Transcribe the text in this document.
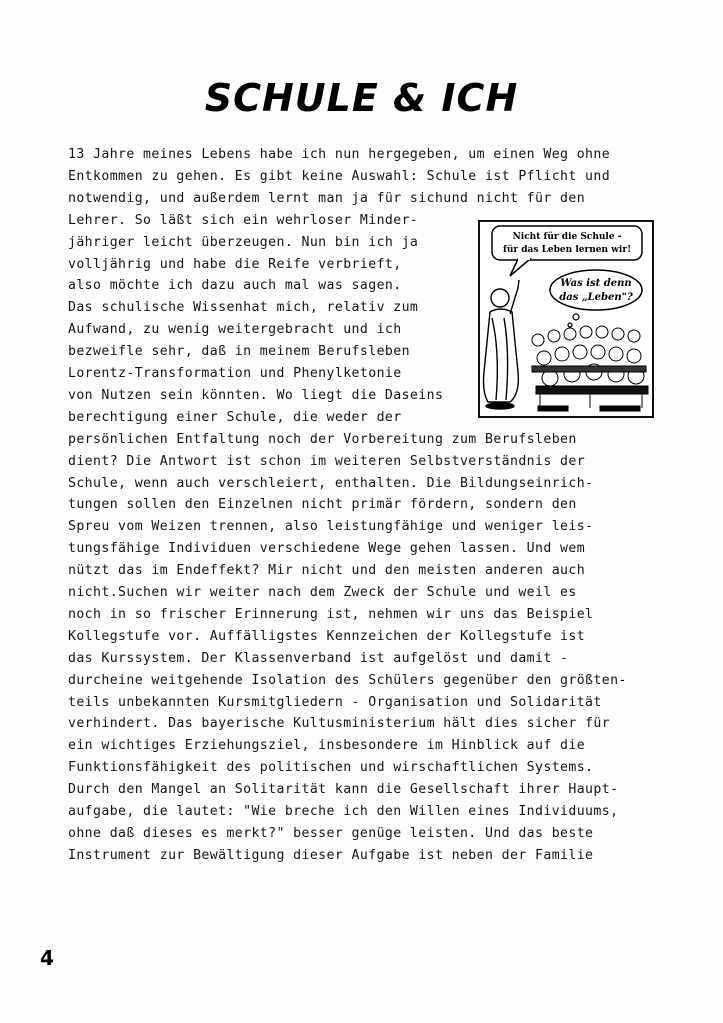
SCHULE & ICH
13 Jahre meines Lebens habe ich nun hergegeben, um einen Weg ohne
Entkommen zu gehen. Es gibt keine Auswahl: Schule ist Pflicht und
notwendig, und außerdem lernt man ja für sichund nicht für den
Lehrer. So läßt sich ein wehrloser Minder-
jähriger leicht überzeugen. Nun bin ich ja
volljährig und habe die Reife verbrieft,
also möchte ich dazu auch mal was sagen.
Das schulische Wissenhat mich, relativ zum
Aufwand, zu wenig weitergebracht und ich
bezweifle sehr, daß in meinem Berufsleben
Lorentz-Transformation und Phenylketonie
von Nutzen sein könnten. Wo liegt die Daseins
berechtigung einer Schule, die weder der
persönlichen Entfaltung noch der Vorbereitung zum Berufsleben
dient? Die Antwort ist schon im weiteren Selbstverständnis der
Schule, wenn auch verschleiert, enthalten. Die Bildungseinrich-
tungen sollen den Einzelnen nicht primär fördern, sondern den
Spreu vom Weizen trennen, also leistungfähige und weniger leis-
tungsfähige Individuen verschiedene Wege gehen lassen. Und wem
nützt das im Endeffekt? Mir nicht und den meisten anderen auch
nicht.Suchen wir weiter nach dem Zweck der Schule und weil es
noch in so frischer Erinnerung ist, nehmen wir uns das Beispiel
Kollegstufe vor. Auffälligstes Kennzeichen der Kollegstufe ist
das Kurssystem. Der Klassenverband ist aufgelöst und damit -
durcheine weitgehende Isolation des Schülers gegenüber den größten-
teils unbekannten Kursmitgliedern - Organisation und Solidarität
verhindert. Das bayerische Kultusministerium hält dies sicher für
ein wichtiges Erziehungsziel, insbesondere im Hinblick auf die
Funktionsfähigkeit des politischen und wirschaftlichen Systems.
Durch den Mangel an Solitarität kann die Gesellschaft ihrer Haupt-
aufgabe, die lautet: "Wie breche ich den Willen eines Individuums,
ohne daß dieses es merkt?" besser genüge leisten. Und das beste
Instrument zur Bewältigung dieser Aufgabe ist neben der Familie
Nicht für die Schule -
für das Leben lernen wir!
Was ist denn
das „Leben"?
4
